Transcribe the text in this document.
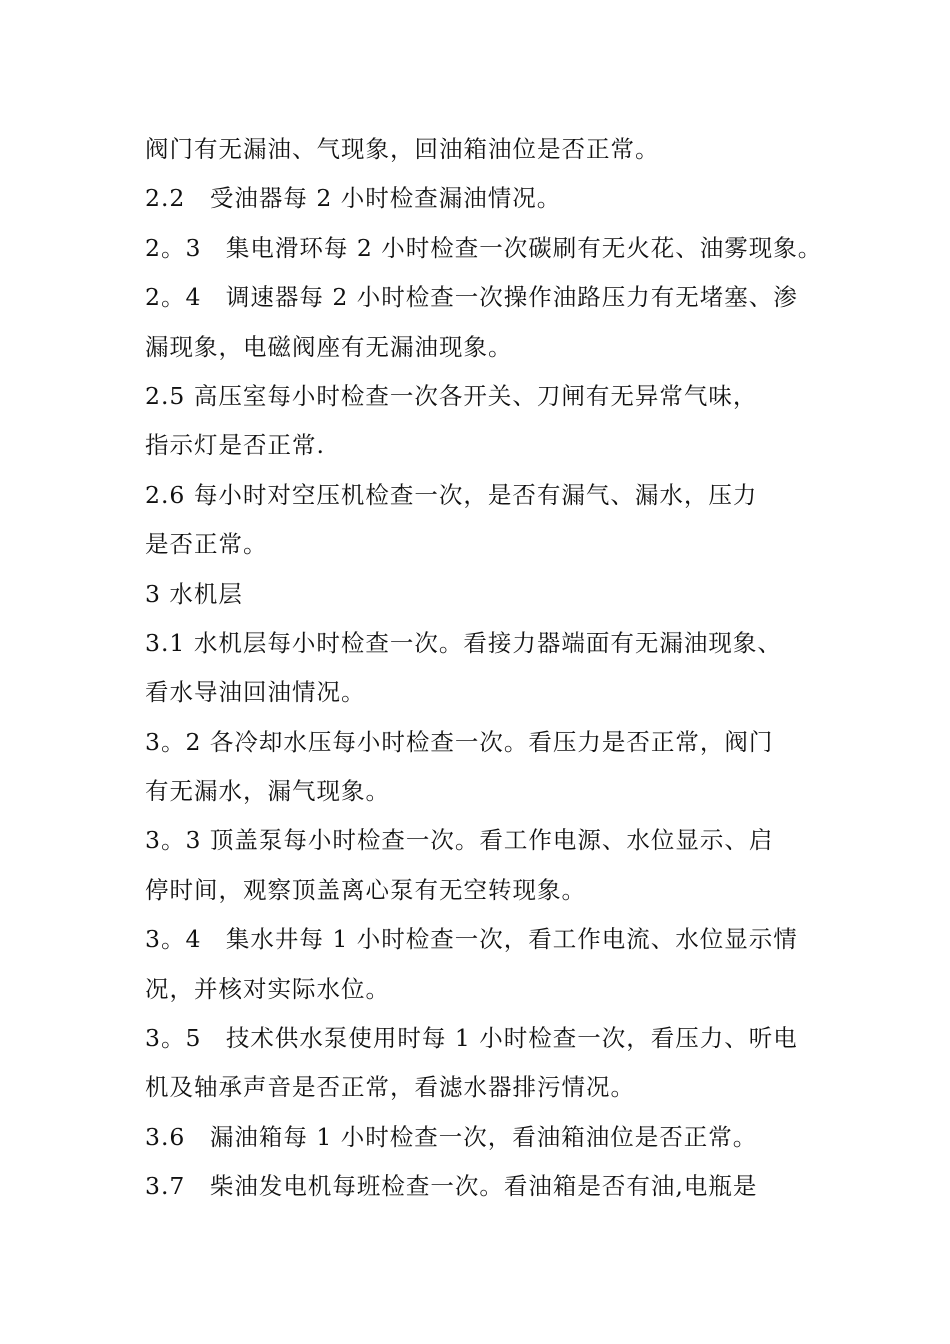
阀门有无漏油、气现象，回油箱油位是否正常。
2.2　受油器每 2 小时检查漏油情况。
2。3　集电滑环每 2 小时检查一次碳刷有无火花、油雾现象。
2。4　调速器每 2 小时检查一次操作油路压力有无堵塞、渗
漏现象，电磁阀座有无漏油现象。
2.5 高压室每小时检查一次各开关、刀闸有无异常气味，
指示灯是否正常.
2.6 每小时对空压机检查一次，是否有漏气、漏水，压力
是否正常。
3 水机层
3.1 水机层每小时检查一次。看接力器端面有无漏油现象、
看水导油回油情况。
3。2 各冷却水压每小时检查一次。看压力是否正常，阀门
有无漏水，漏气现象。
3。3 顶盖泵每小时检查一次。看工作电源、水位显示、启
停时间，观察顶盖离心泵有无空转现象。
3。4　集水井每 1 小时检查一次，看工作电流、水位显示情
况，并核对实际水位。
3。5　技术供水泵使用时每 1 小时检查一次，看压力、听电
机及轴承声音是否正常，看滤水器排污情况。
3.6　漏油箱每 1 小时检查一次，看油箱油位是否正常。
3.7　柴油发电机每班检查一次。看油箱是否有油,电瓶是
